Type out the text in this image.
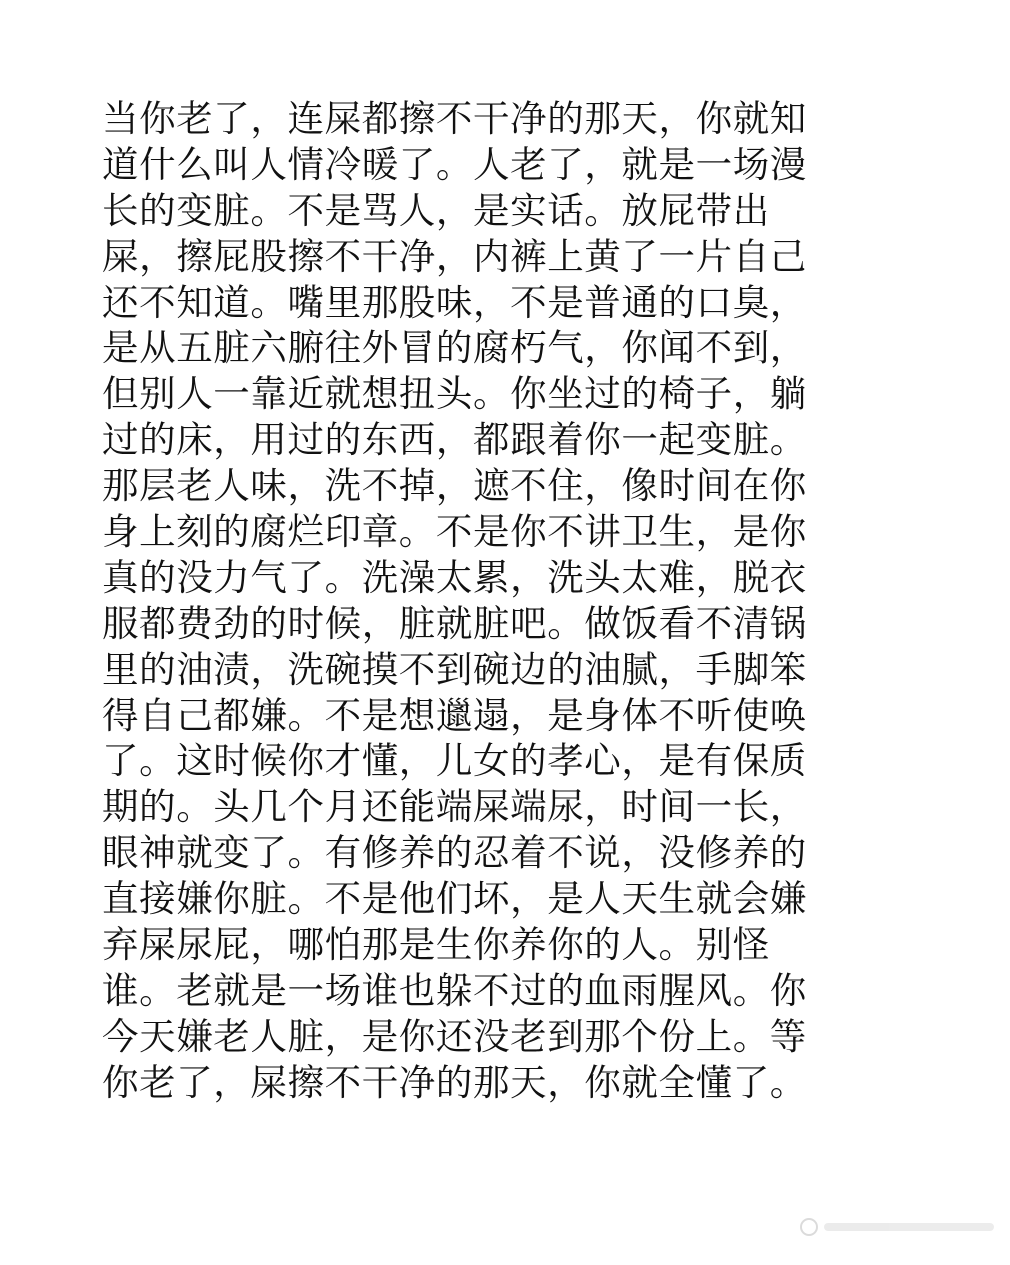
当你老了，连屎都擦不干净的那天，你就知
道什么叫人情冷暖了。人老了，就是一场漫
长的变脏。不是骂人，是实话。放屁带出
屎，擦屁股擦不干净，内裤上黄了一片自己
还不知道。嘴里那股味，不是普通的口臭，
是从五脏六腑往外冒的腐朽气，你闻不到，
但别人一靠近就想扭头。你坐过的椅子，躺
过的床，用过的东西，都跟着你一起变脏。
那层老人味，洗不掉，遮不住，像时间在你
身上刻的腐烂印章。不是你不讲卫生，是你
真的没力气了。洗澡太累，洗头太难，脱衣
服都费劲的时候，脏就脏吧。做饭看不清锅
里的油渍，洗碗摸不到碗边的油腻，手脚笨
得自己都嫌。不是想邋遢，是身体不听使唤
了。这时候你才懂，儿女的孝心，是有保质
期的。头几个月还能端屎端尿，时间一长，
眼神就变了。有修养的忍着不说，没修养的
直接嫌你脏。不是他们坏，是人天生就会嫌
弃屎尿屁，哪怕那是生你养你的人。别怪
谁。老就是一场谁也躲不过的血雨腥风。你
今天嫌老人脏，是你还没老到那个份上。等
你老了，屎擦不干净的那天，你就全懂了。
